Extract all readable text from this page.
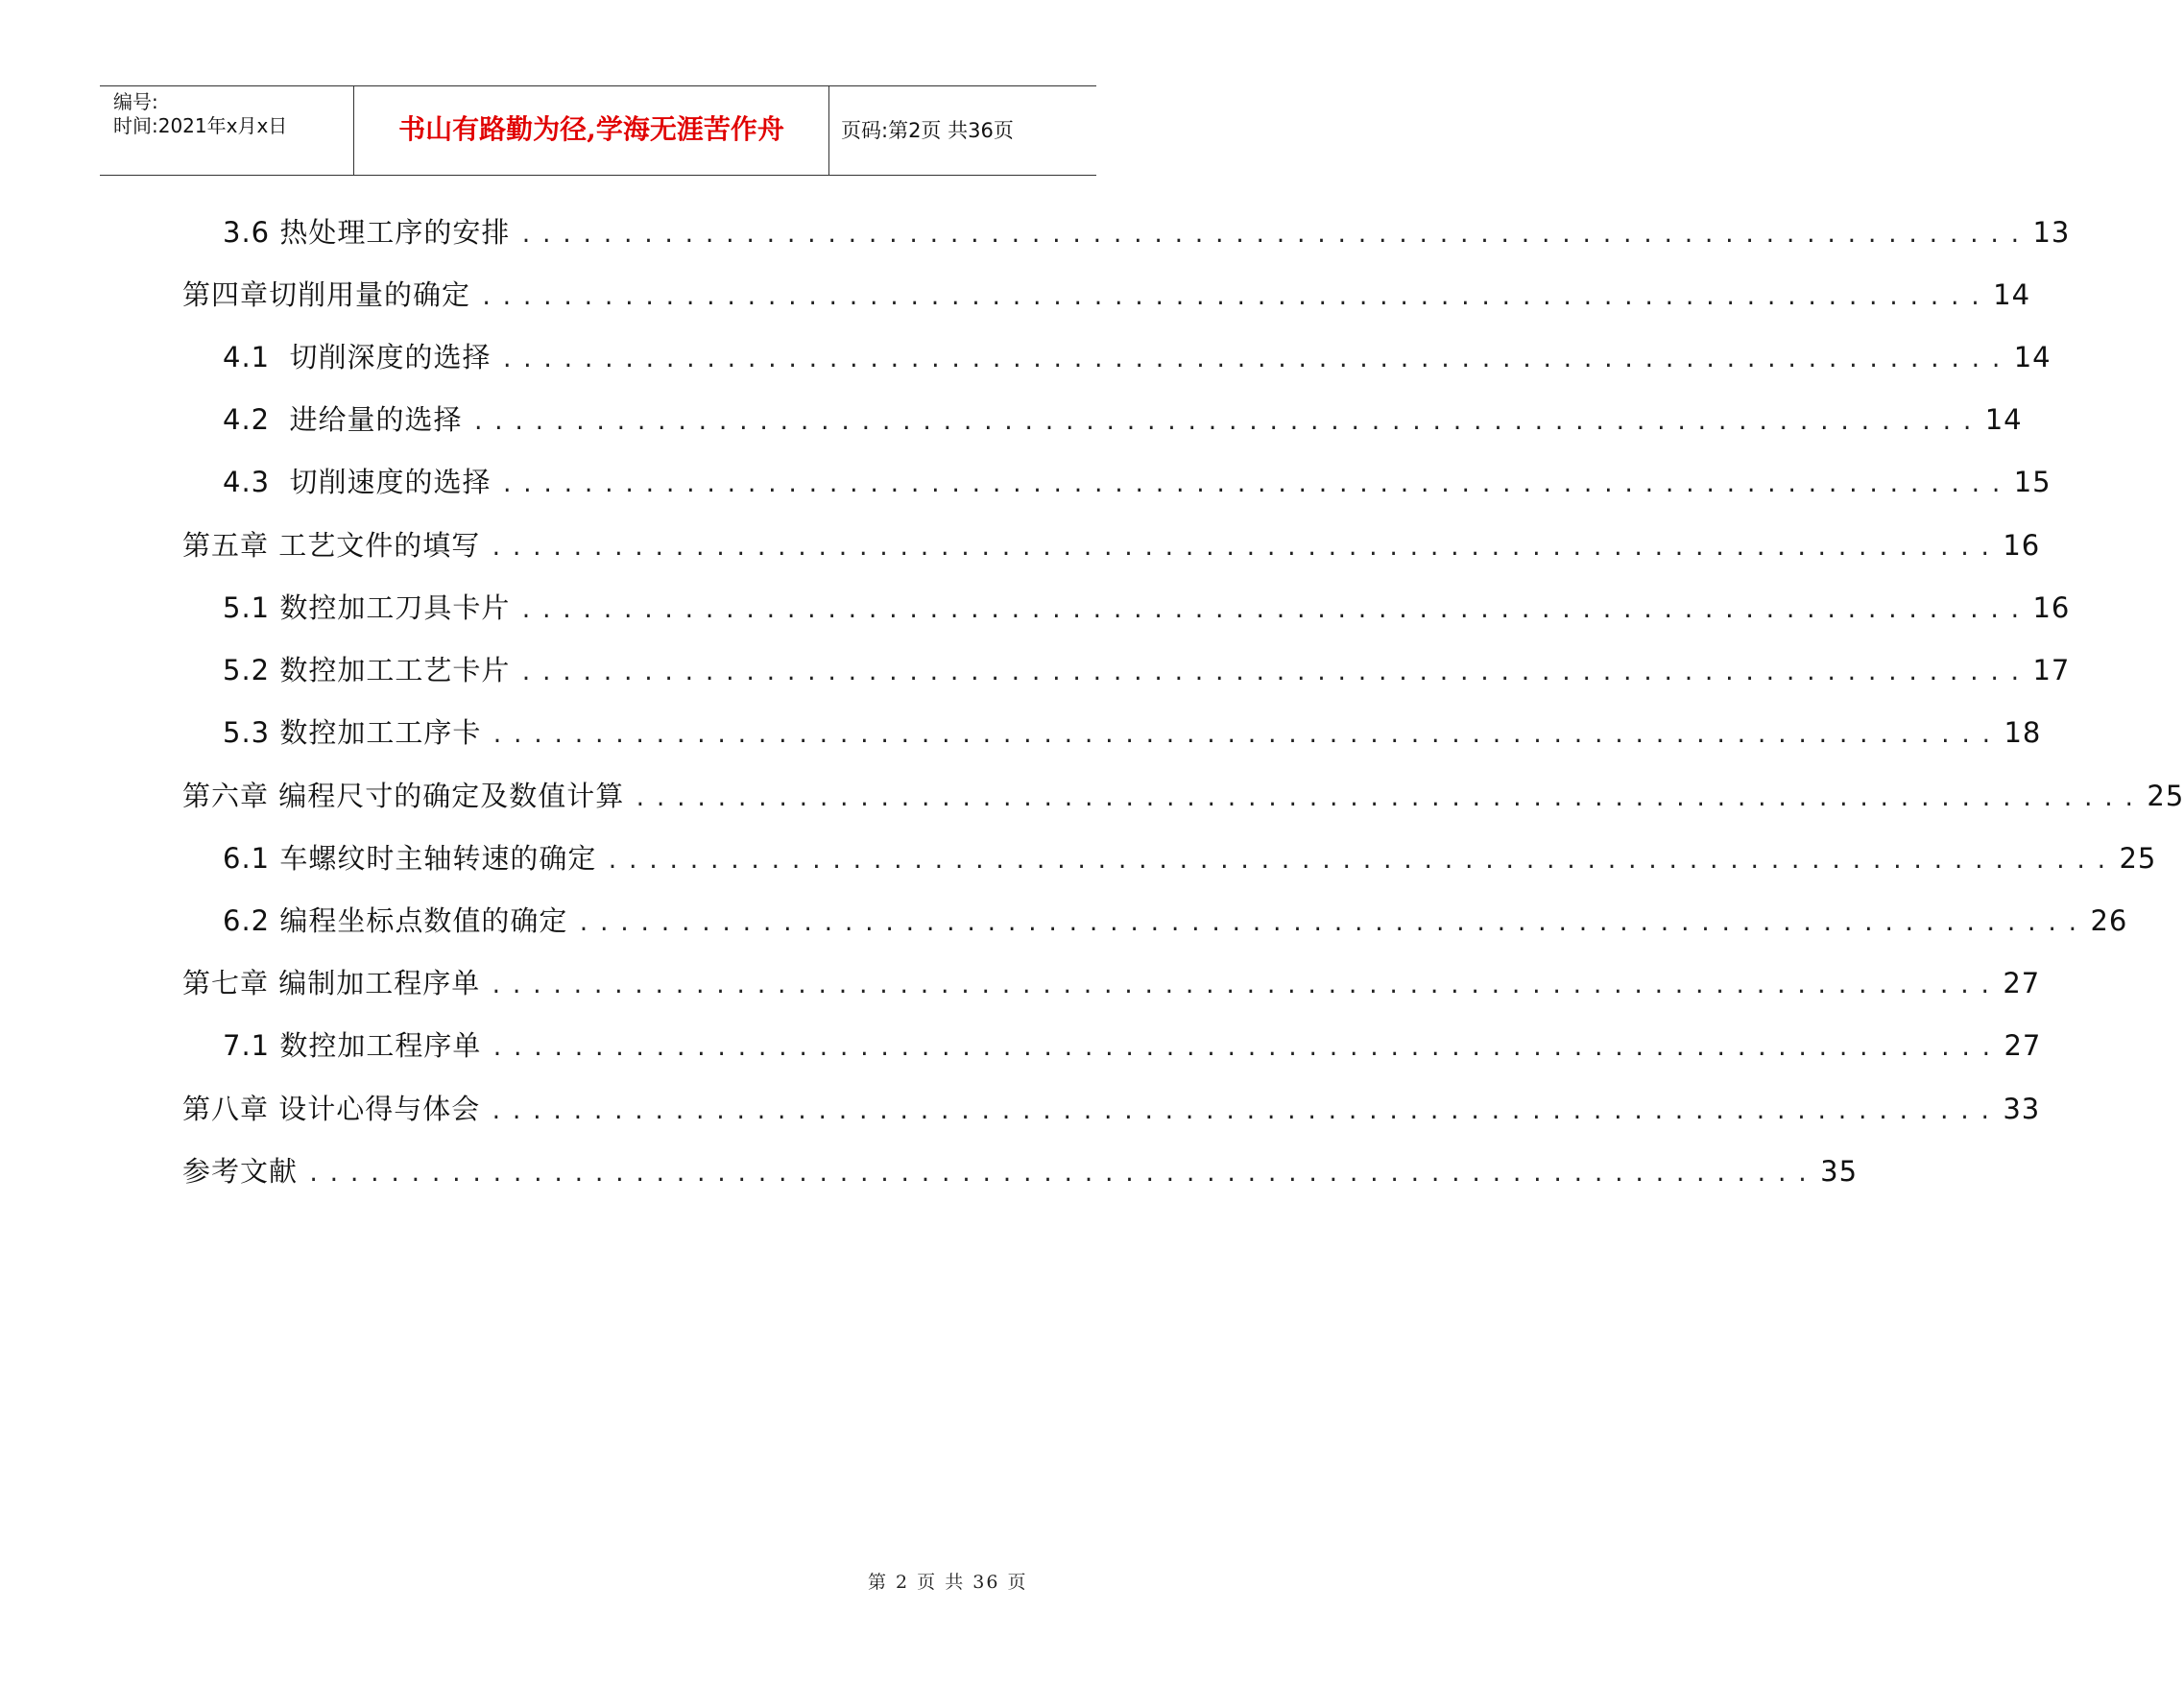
编号:
时间:2021年x月x日	书山有路勤为径,学海无涯苦作舟	页码:第2页 共36页
3.6 热处理工序的安排 .......................................................................... 13
第四章切削用量的确定 .......................................................................... 14
4.1  切削深度的选择 .......................................................................... 14
4.2  进给量的选择 .......................................................................... 14
4.3  切削速度的选择 .......................................................................... 15
第五章 工艺文件的填写 .......................................................................... 16
5.1 数控加工刀具卡片 .......................................................................... 16
5.2 数控加工工艺卡片 .......................................................................... 17
5.3 数控加工工序卡 .......................................................................... 18
第六章 编程尺寸的确定及数值计算 .......................................................................... 25
6.1 车螺纹时主轴转速的确定 .......................................................................... 25
6.2 编程坐标点数值的确定 .......................................................................... 26
第七章 编制加工程序单 .......................................................................... 27
7.1 数控加工程序单 .......................................................................... 27
第八章 设计心得与体会 .......................................................................... 33
参考文献 .......................................................................... 35
第 2 页 共 36 页
